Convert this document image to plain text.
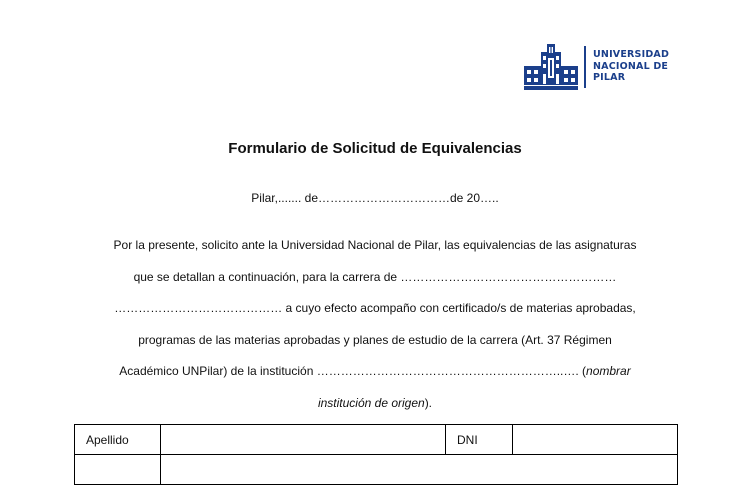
UNIVERSIDAD
NACIONAL DE
PILAR
Formulario de Solicitud de Equivalencias
Pilar,....... de……………………………de 20…..
Por la presente, solicito ante la Universidad Nacional de Pilar, las equivalencias de las asignaturas
que se detallan a continuación, para la carrera de ………………………………………………
…………………………………… a cuyo efecto acompaño con certificado/s de materias aprobadas,
programas de las materias aprobadas y planes de estudio de la carrera (Art. 37 Régimen
Académico UNPilar) de la institución ……………………………………………………..…. (nombrar
institución de origen).
Apellido		DNI	
